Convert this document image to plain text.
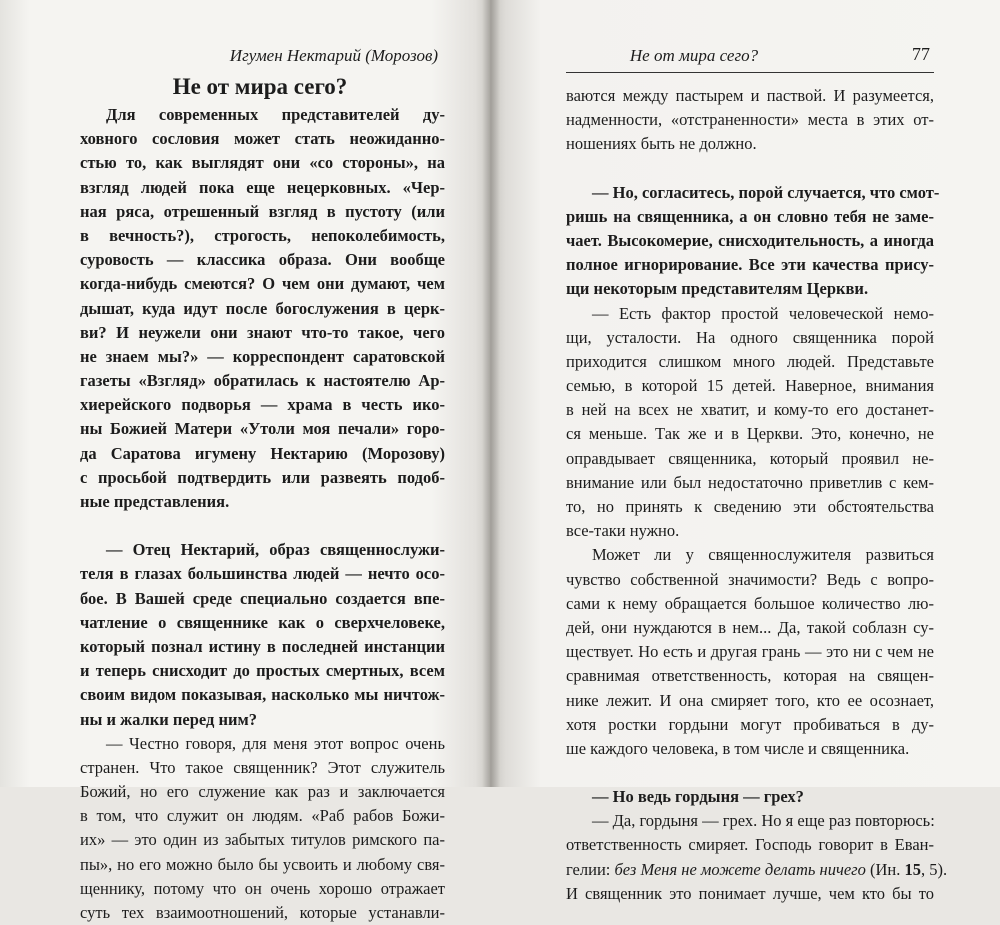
Игумен Нектарий (Морозов)
Не от мира сего?
Для современных представителей ду-
ховного сословия может стать неожиданно-
стью то, как выглядят они «со стороны», на
взгляд людей пока еще нецерковных. «Чер-
ная ряса, отрешенный взгляд в пустоту (или
в вечность?), строгость, непоколебимость,
суровость — классика образа. Они вообще
когда-нибудь смеются? О чем они думают, чем
дышат, куда идут после богослужения в церк-
ви? И неужели они знают что-то такое, чего
не знаем мы?» — корреспондент саратовской
газеты «Взгляд» обратилась к настоятелю Ар-
хиерейского подворья — храма в честь ико-
ны Божией Матери «Утоли моя печали» горо-
да Саратова игумену Нектарию (Морозову)
с просьбой подтвердить или развеять подоб-
ные представления.
— Отец Нектарий, образ священнослужи-
теля в глазах большинства людей — нечто осо-
бое. В Вашей среде специально создается впе-
чатление о священнике как о сверхчеловеке,
который познал истину в последней инстанции
и теперь снисходит до простых смертных, всем
своим видом показывая, насколько мы ничтож-
ны и жалки перед ним?
— Честно говоря, для меня этот вопрос очень
странен. Что такое священник? Этот служитель
Божий, но его служение как раз и заключается
в том, что служит он людям. «Раб рабов Божи-
их» — это один из забытых титулов римского па-
пы», но его можно было бы усвоить и любому свя-
щеннику, потому что он очень хорошо отражает
суть тех взаимоотношений, которые устанавли-
Не от мира сего?	77
ваются между пастырем и паствой. И разумеется,
надменности, «отстраненности» места в этих от-
ношениях быть не должно.
— Но, согласитесь, порой случается, что смот-
ришь на священника, а он словно тебя не заме-
чает. Высокомерие, снисходительность, а иногда
полное игнорирование. Все эти качества прису-
щи некоторым представителям Церкви.
— Есть фактор простой человеческой немо-
щи, усталости. На одного священника порой
приходится слишком много людей. Представьте
семью, в которой 15 детей. Наверное, внимания
в ней на всех не хватит, и кому-то его достанет-
ся меньше. Так же и в Церкви. Это, конечно, не
оправдывает священника, который проявил не-
внимание или был недостаточно приветлив с кем-
то, но принять к сведению эти обстоятельства
все-таки нужно.
Может ли у священнослужителя развиться
чувство собственной значимости? Ведь с вопро-
сами к нему обращается большое количество лю-
дей, они нуждаются в нем... Да, такой соблазн су-
ществует. Но есть и другая грань — это ни с чем не
сравнимая ответственность, которая на священ-
нике лежит. И она смиряет того, кто ее осознает,
хотя ростки гордыни могут пробиваться в ду-
ше каждого человека, в том числе и священника.
— Но ведь гордыня — грех?
— Да, гордыня — грех. Но я еще раз повторюсь:
ответственность смиряет. Господь говорит в Еван-
гелии: без Меня не можете делать ничего (Ин. 15, 5).
И священник это понимает лучше, чем кто бы то
